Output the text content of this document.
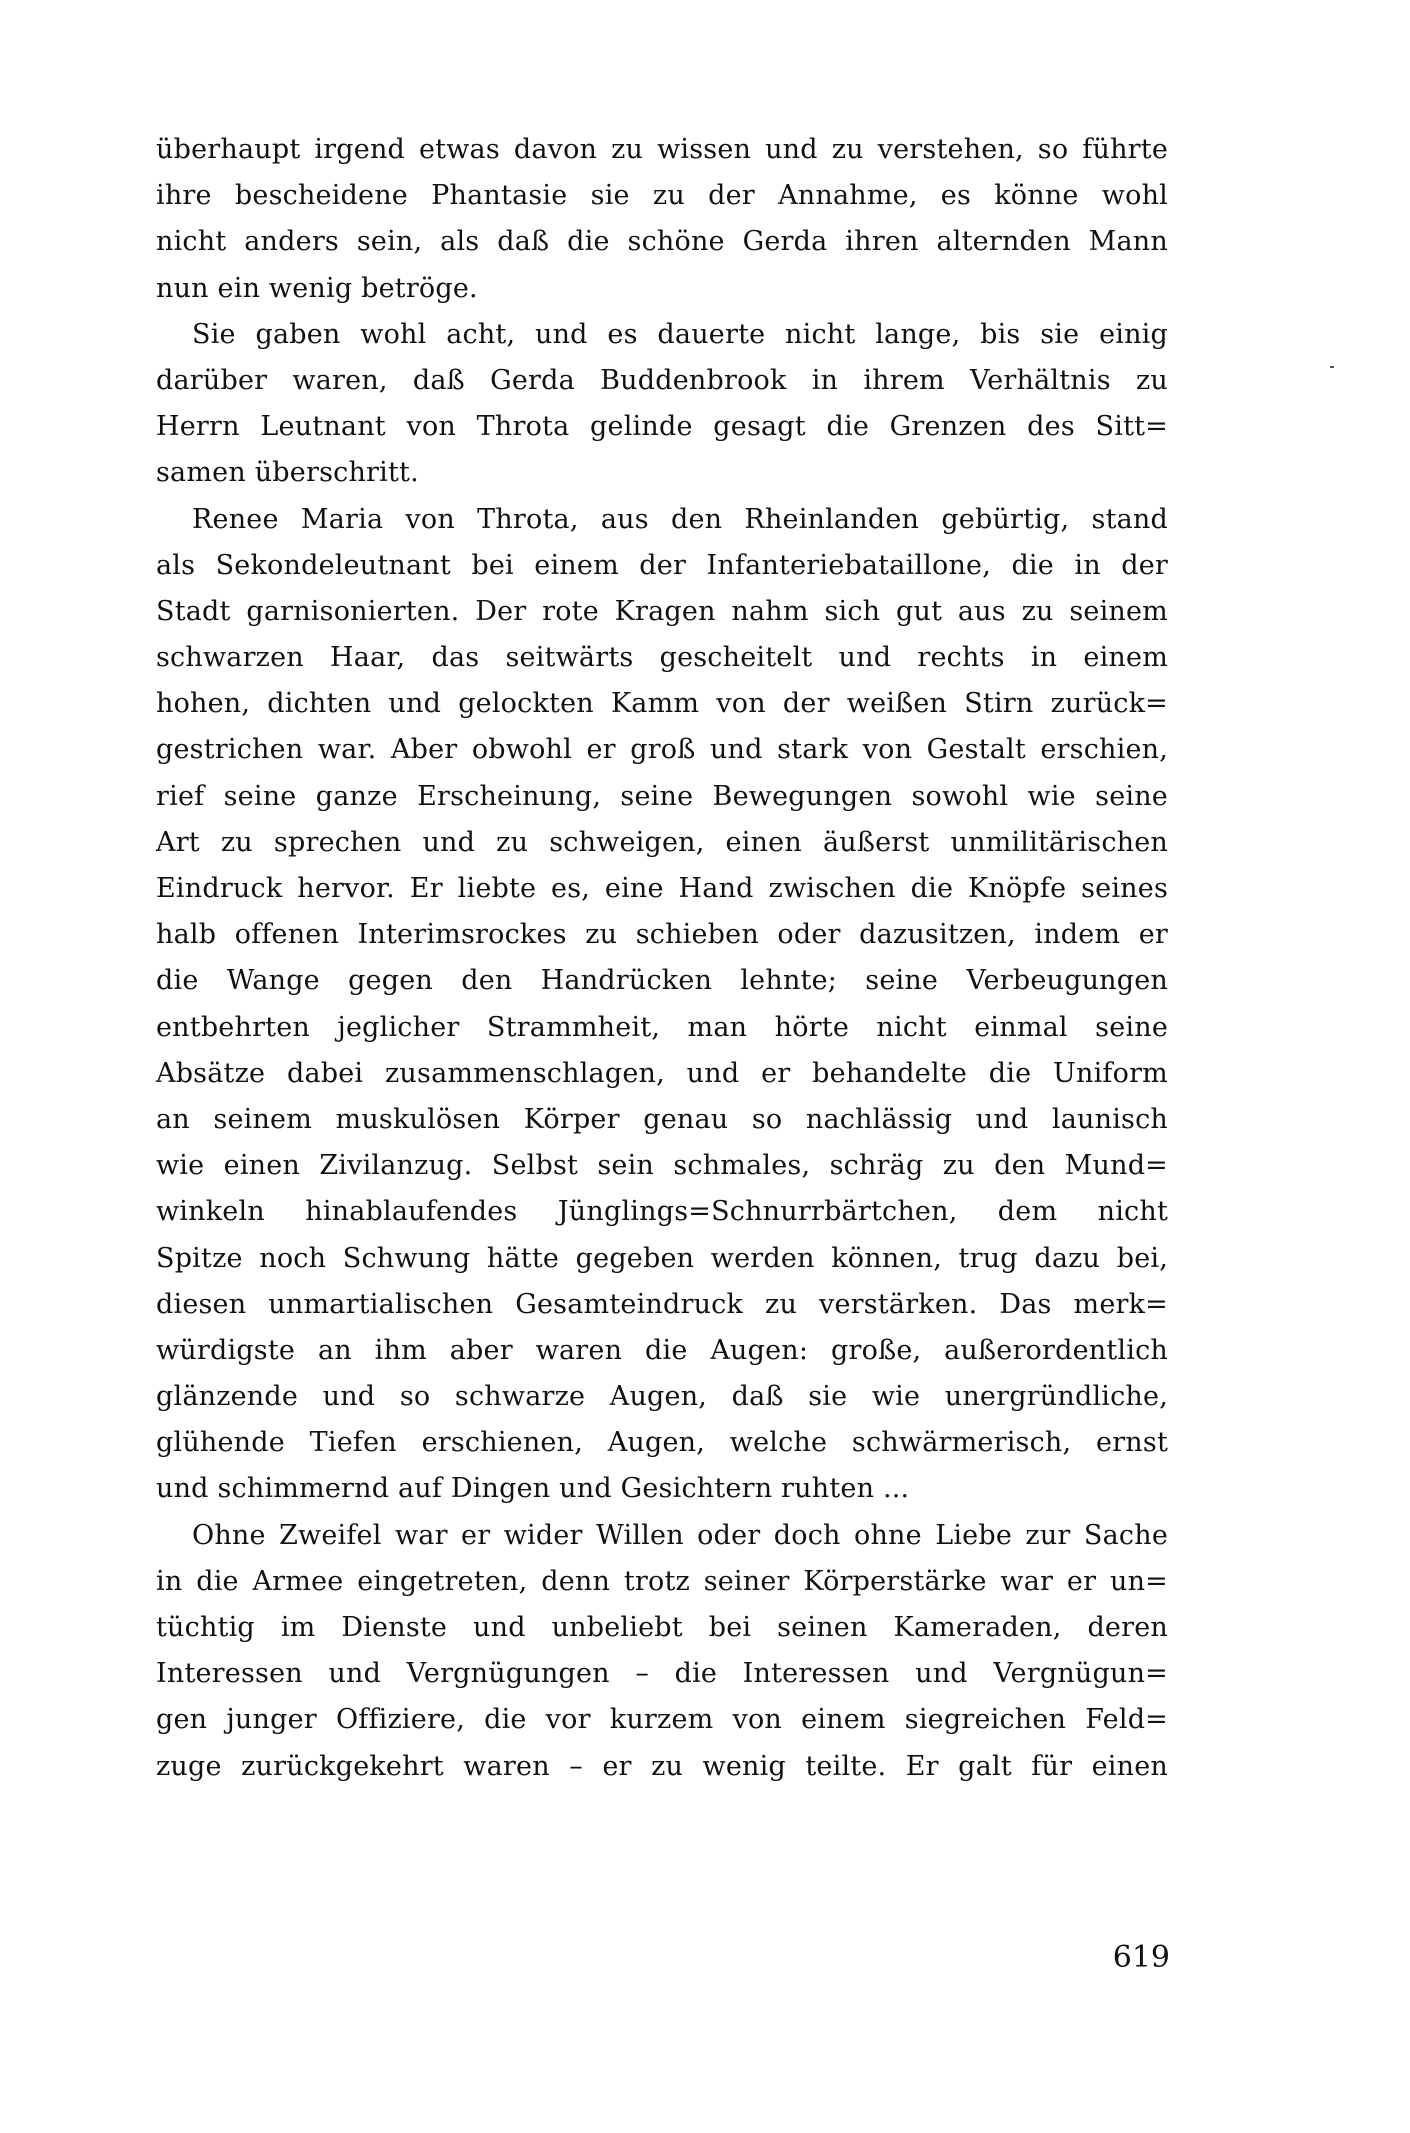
überhaupt irgend etwas davon zu wissen und zu verstehen, so führte
ihre bescheidene Phantasie sie zu der Annahme, es könne wohl
nicht anders sein, als daß die schöne Gerda ihren alternden Mann
nun ein wenig betröge.
Sie gaben wohl acht, und es dauerte nicht lange, bis sie einig
darüber waren, daß Gerda Buddenbrook in ihrem Verhältnis zu
Herrn Leutnant von Throta gelinde gesagt die Grenzen des Sitt=
samen überschritt.
Renee Maria von Throta, aus den Rheinlanden gebürtig, stand
als Sekondeleutnant bei einem der Infanteriebataillone, die in der
Stadt garnisonierten. Der rote Kragen nahm sich gut aus zu seinem
schwarzen Haar, das seitwärts gescheitelt und rechts in einem
hohen, dichten und gelockten Kamm von der weißen Stirn zurück=
gestrichen war. Aber obwohl er groß und stark von Gestalt erschien,
rief seine ganze Erscheinung, seine Bewegungen sowohl wie seine
Art zu sprechen und zu schweigen, einen äußerst unmilitärischen
Eindruck hervor. Er liebte es, eine Hand zwischen die Knöpfe seines
halb offenen Interimsrockes zu schieben oder dazusitzen, indem er
die Wange gegen den Handrücken lehnte; seine Verbeugungen
entbehrten jeglicher Strammheit, man hörte nicht einmal seine
Absätze dabei zusammenschlagen, und er behandelte die Uniform
an seinem muskulösen Körper genau so nachlässig und launisch
wie einen Zivilanzug. Selbst sein schmales, schräg zu den Mund=
winkeln hinablaufendes Jünglings=Schnurrbärtchen, dem nicht
Spitze noch Schwung hätte gegeben werden können, trug dazu bei,
diesen unmartialischen Gesamteindruck zu verstärken. Das merk=
würdigste an ihm aber waren die Augen: große, außerordentlich
glänzende und so schwarze Augen, daß sie wie unergründliche,
glühende Tiefen erschienen, Augen, welche schwärmerisch, ernst
und schimmernd auf Dingen und Gesichtern ruhten ...
Ohne Zweifel war er wider Willen oder doch ohne Liebe zur Sache
in die Armee eingetreten, denn trotz seiner Körperstärke war er un=
tüchtig im Dienste und unbeliebt bei seinen Kameraden, deren
Interessen und Vergnügungen – die Interessen und Vergnügun=
gen junger Offiziere, die vor kurzem von einem siegreichen Feld=
zuge zurückgekehrt waren – er zu wenig teilte. Er galt für einen
619
